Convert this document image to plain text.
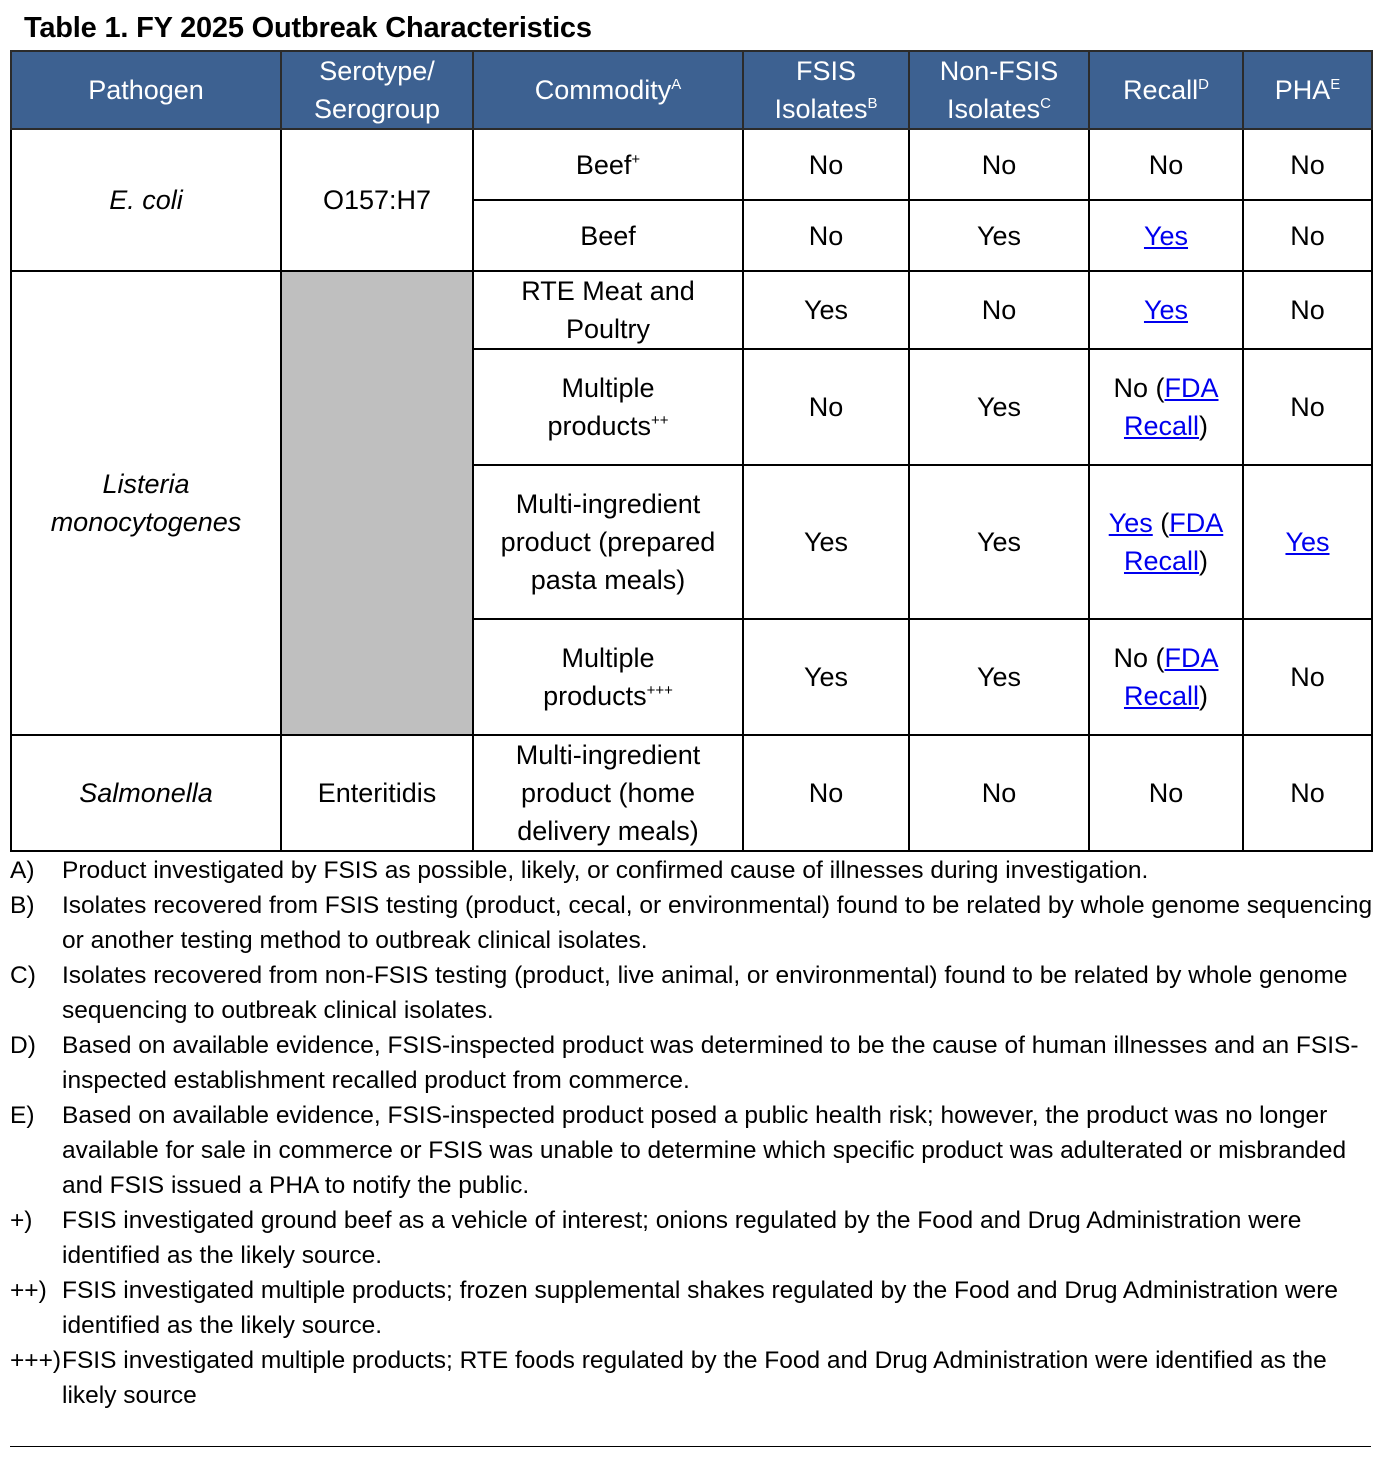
Table 1. FY 2025 Outbreak Characteristics
Pathogen	Serotype/ Serogroup	Commodity$^A$	FSIS Isolates$^B$	Non-FSIS Isolates$^C$	Recall$^D$	$PHA^E$
E. coli	O157:H7	Beef+	No	No	No	No
		Beef	No	Yes	Yes	No
Listeria monocytogenes		RTE Meat and Poultry	Yes	No	Yes	No
		Multiple products++	No	Yes	No (FDA Recall)	No
		Multi-ingredient product (prepared pasta meals)	Yes	Yes	Yes (FDA Recall)	Yes
		Multiple products+++	Yes	Yes	No (FDA Recall)	No
Salmonella	Enteritidis	Multi-ingredient product (home delivery meals)	No	No	No	No
A)	Product investigated by FSIS as possible, likely, or confirmed cause of illnesses during investigation.
B)	Isolates recovered from FSIS testing (product, cecal, or environmental) found to be related by whole genome sequencing or another testing method to outbreak clinical isolates.
C)	Isolates recovered from non-FSIS testing (product, live animal, or environmental) found to be related by whole genome sequencing to outbreak clinical isolates.
D)	Based on available evidence, FSIS-inspected product was determined to be the cause of human illnesses and an FSIS-inspected establishment recalled product from commerce.
E)	Based on available evidence, FSIS-inspected product posed a public health risk; however, the product was no longer available for sale in commerce or FSIS was unable to determine which specific product was adulterated or misbranded and FSIS issued a PHA to notify the public.
+)	FSIS investigated ground beef as a vehicle of interest; onions regulated by the Food and Drug Administration were identified as the likely source.
++) FSIS investigated multiple products; frozen supplemental shakes regulated by the Food and Drug Administration were identified as the likely source.
+++) FSIS investigated multiple products; RTE foods regulated by the Food and Drug Administration were identified as the likely source
